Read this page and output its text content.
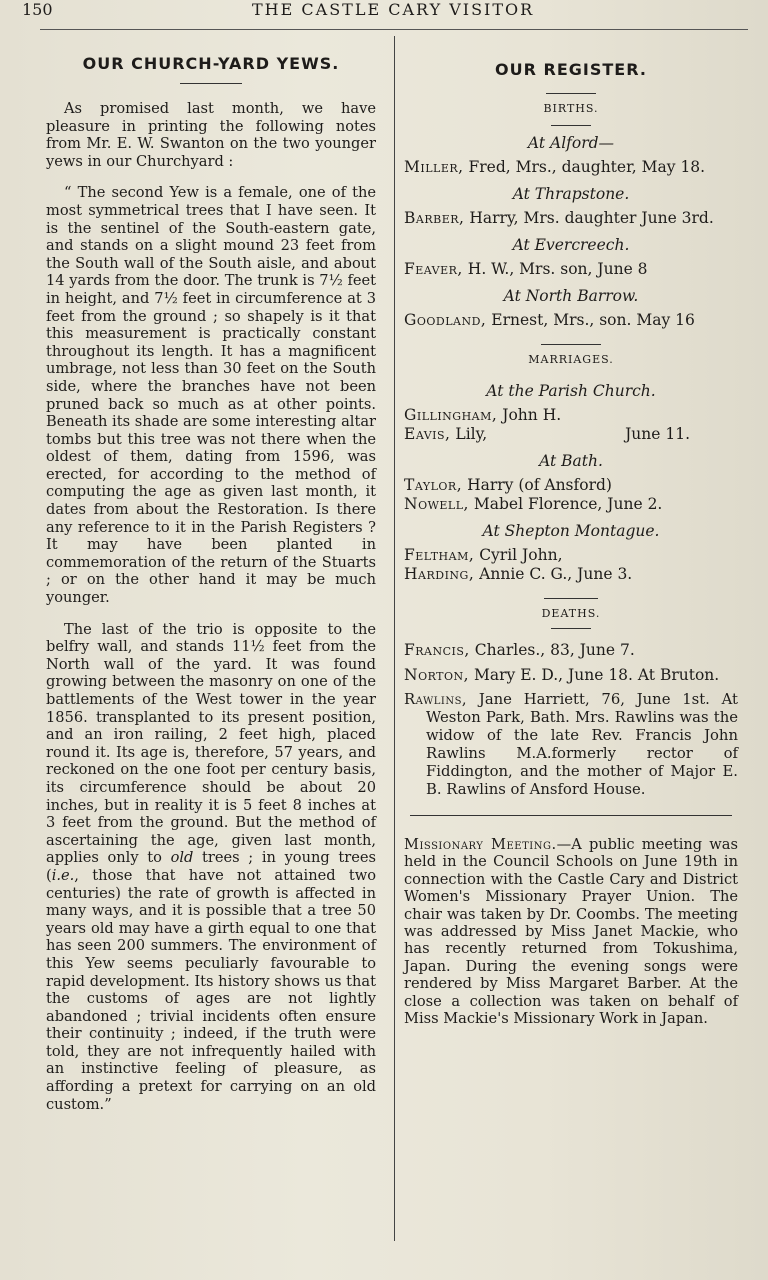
150	THE CASTLE CARY VISITOR
OUR CHURCH-YARD YEWS.

As promised last month, we have pleasure in printing the following notes from Mr. E. W. Swanton on the two younger yews in our Churchyard :

“ The second Yew is a female, one of the most symmetrical trees that I have seen. It is the sentinel of the South-eastern gate, and stands on a slight mound 23 feet from the South wall of the South aisle, and about 14 yards from the door. The trunk is 7½ feet in height, and 7½ feet in circumference at 3 feet from the ground ; so shapely is it that this measurement is practically constant throughout its length. It has a magnificent umbrage, not less than 30 feet on the South side, where the branches have not been pruned back so much as at other points. Beneath its shade are some interesting altar tombs but this tree was not there when the oldest of them, dating from 1596, was erected, for according to the method of computing the age as given last month, it dates from about the Restoration. Is there any reference to it in the Parish Registers ? It may have been planted in commemoration of the return of the Stuarts ; or on the other hand it may be much younger.

The last of the trio is opposite to the belfry wall, and stands 11½ feet from the North wall of the yard. It was found growing between the masonry on one of the battlements of the West tower in the year 1856. transplanted to its present position, and an iron railing, 2 feet high, placed round it. Its age is, therefore, 57 years, and reckoned on the one foot per century basis, its circumference should be about 20 inches, but in reality it is 5 feet 8 inches at 3 feet from the ground. But the method of ascertaining the age, given last month, applies only to old trees ; in young trees (i.e., those that have not attained two centuries) the rate of growth is affected in many ways, and it is possible that a tree 50 years old may have a girth equal to one that has seen 200 summers. The environment of this Yew seems peculiarly favourable to rapid development. Its history shows us that the customs of ages are not lightly abandoned ; trivial incidents often ensure their continuity ; indeed, if the truth were told, they are not infrequently hailed with an instinctive feeling of pleasure, as affording a pretext for carrying on an old custom.”

OUR REGISTER.
BIRTHS.
At Alford—
Miller, Fred, Mrs., daughter, May 18.
At Thrapstone.
Barber, Harry, Mrs. daughter June 3rd.
At Evercreech.
Feaver, H. W., Mrs. son, June 8
At North Barrow.
Goodland, Ernest, Mrs., son. May 16
MARRIAGES.
At the Parish Church.
Gillingham, John H.
Eavis, Lily,	June 11.
At Bath.
Taylor, Harry (of Ansford)
Nowell, Mabel Florence, June 2.
At Shepton Montague.
Feltham, Cyril John,
Harding, Annie C. G., June 3.
DEATHS.
Francis, Charles., 83, June 7.
Norton, Mary E. D., June 18. At Bruton.
Rawlins, Jane Harriett, 76, June 1st. At Weston Park, Bath. Mrs. Rawlins was the widow of the late Rev. Francis John Rawlins M.A.formerly rector of Fiddington, and the mother of Major E. B. Rawlins of Ansford House.

Missionary Meeting.—A public meeting was held in the Council Schools on June 19th in connection with the Castle Cary and District Women's Missionary Prayer Union. The chair was taken by Dr. Coombs. The meeting was addressed by Miss Janet Mackie, who has recently returned from Tokushima, Japan. During the evening songs were rendered by Miss Margaret Barber. At the close a collection was taken on behalf of Miss Mackie's Missionary Work in Japan.
